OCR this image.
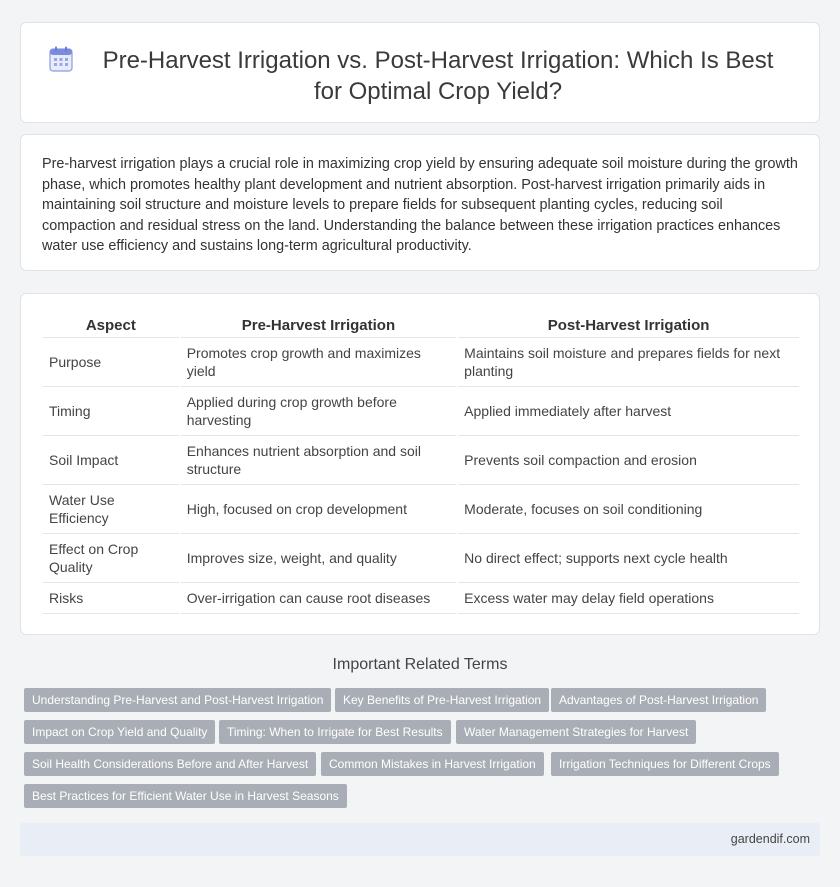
Pre-Harvest Irrigation vs. Post-Harvest Irrigation: Which Is Best for Optimal Crop Yield?

Pre-harvest irrigation plays a crucial role in maximizing crop yield by ensuring adequate soil moisture during the growth phase, which promotes healthy plant development and nutrient absorption. Post-harvest irrigation primarily aids in maintaining soil structure and moisture levels to prepare fields for subsequent planting cycles, reducing soil compaction and residual stress on the land. Understanding the balance between these irrigation practices enhances water use efficiency and sustains long-term agricultural productivity.

Aspect	Pre-Harvest Irrigation	Post-Harvest Irrigation
Purpose	Promotes crop growth and maximizes yield	Maintains soil moisture and prepares fields for next planting
Timing	Applied during crop growth before harvesting	Applied immediately after harvest
Soil Impact	Enhances nutrient absorption and soil structure	Prevents soil compaction and erosion
Water Use Efficiency	High, focused on crop development	Moderate, focuses on soil conditioning
Effect on Crop Quality	Improves size, weight, and quality	No direct effect; supports next cycle health
Risks	Over-irrigation can cause root diseases	Excess water may delay field operations
Important Related Terms
Understanding Pre-Harvest and Post-Harvest Irrigation	Key Benefits of Pre-Harvest Irrigation	Advantages of Post-Harvest Irrigation
Impact on Crop Yield and Quality	Timing: When to Irrigate for Best Results	Water Management Strategies for Harvest
Soil Health Considerations Before and After Harvest	Common Mistakes in Harvest Irrigation	Irrigation Techniques for Different Crops
Best Practices for Efficient Water Use in Harvest Seasons
gardendif.com
